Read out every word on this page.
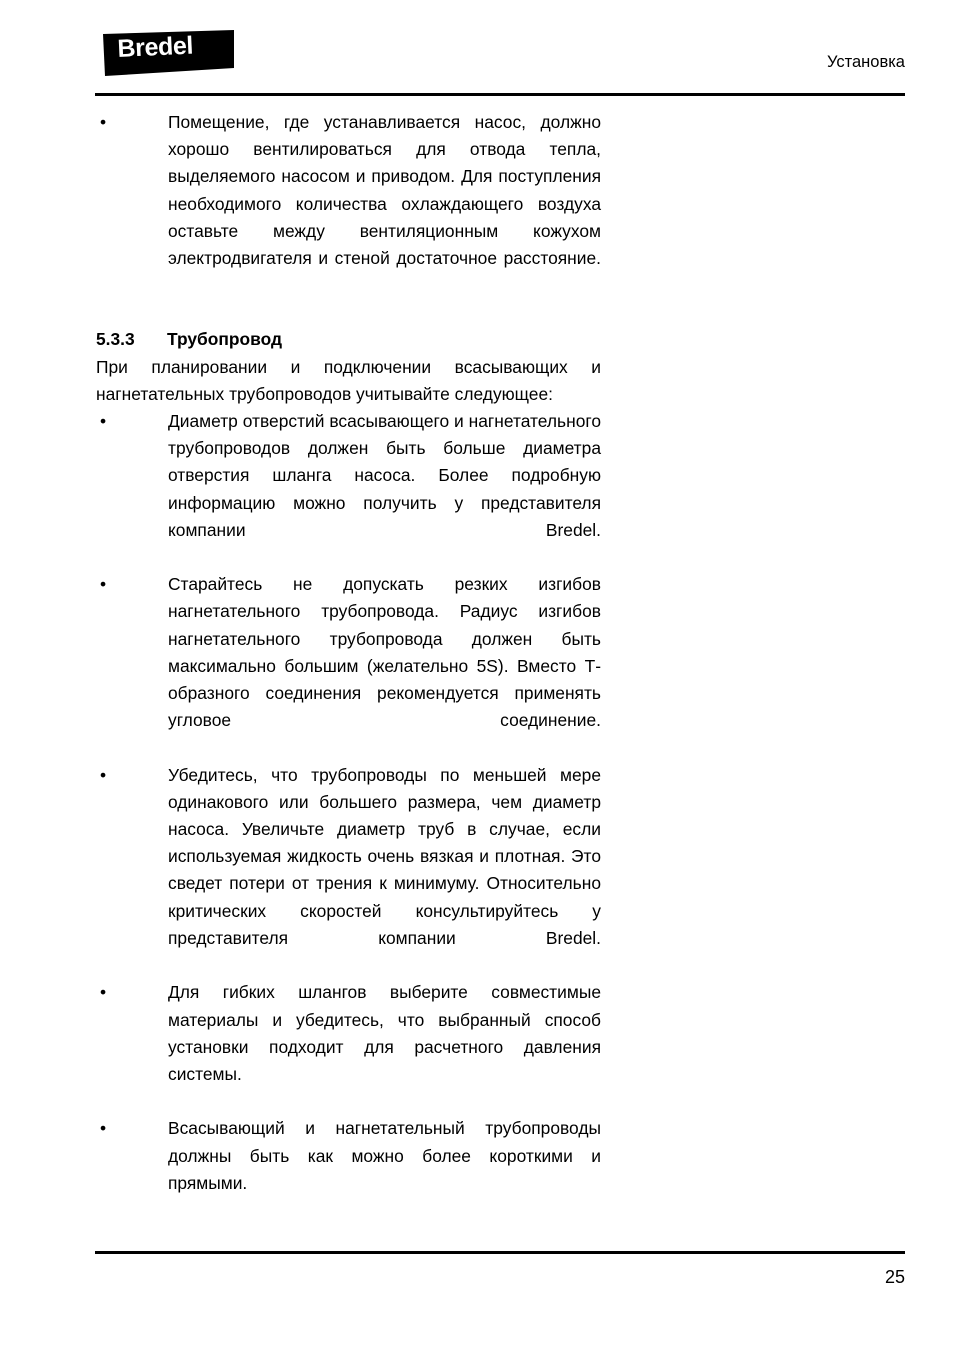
Bredel	Установка
•	Помещение, где устанавливается насос, должно хорошо вентилироваться для отвода тепла, выделяемого насосом и приводом. Для поступления необходимого количества охлаждающего воздуха оставьте между вентиляционным кожухом электродвигателя и стеной достаточное расстояние.
5.3.3 Трубопровод

При планировании и подключении всасывающих и нагнетательных трубопроводов учитывайте следующее:

•	Диаметр отверстий всасывающего и нагнетательного трубопроводов должен быть больше диаметра отверстия шланга насоса. Более подробную информацию можно получить у представителя компании Bredel.
•	Старайтесь не допускать резких изгибов нагнетательного трубопровода. Радиус изгибов нагнетательного трубопровода должен быть максимально большим (желательно 5S). Вместо Т-образного соединения рекомендуется применять угловое соединение.
•	Убедитесь, что трубопроводы по меньшей мере одинакового или большего размера, чем диаметр насоса. Увеличьте диаметр труб в случае, если используемая жидкость очень вязкая и плотная. Это сведет потери от трения к минимуму. Относительно критических скоростей консультируйтесь у представителя компании Bredel.
•	Для гибких шлангов выберите совместимые материалы и убедитесь, что выбранный способ установки подходит для расчетного давления системы.
•	Всасывающий и нагнетательный трубопроводы должны быть как можно более короткими и прямыми.
25
